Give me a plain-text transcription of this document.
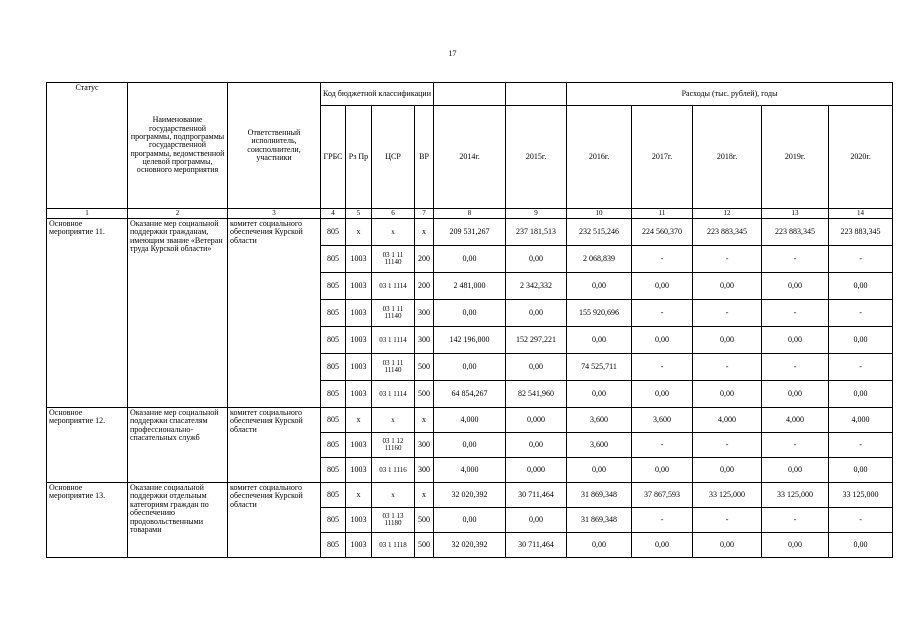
17
Статус	Наименование государственной программы, подпрограммы государственной программы, ведомственной целевой программы, основного мероприятия	Ответственный исполнитель, соисполнители, участники	Код бюджетной классификации						Расходы (тыс. рублей), годы				
			ГРБС	Рз Пр	ЦСР	ВР	2014г.	2015г.	2016г.	2017г.	2018г.	2019г.	2020г.
1	2	3	4	5	6	7	8	9	10	11	12	13	14
Основное мероприятие 11.	Оказание мер социальной поддержки гражданам, имеющим звание «Ветеран труда Курской области»	комитет социального обеспечения Курской области	805	х	х	х	209 531,267	237 181,513	232 515,246	224 560,370	223 883,345	223 883,345	223 883,345
			805	1003	03 1 11 11140	200	0,00	0,00	2 068,839	-	-	-	-
			805	1003	03 1 1114	200	2 481,000	2 342,332	0,00	0,00	0,00	0,00	0,00
			805	1003	03 1 11 11140	300	0,00	0,00	155 920,696	-	-	-	-
			805	1003	03 1 1114	300	142 196,000	152 297,221	0,00	0,00	0,00	0,00	0,00
			805	1003	03 1 11 11140	500	0,00	0,00	74 525,711	-	-	-	-
			805	1003	03 1 1114	500	64 854,267	82 541,960	0,00	0,00	0,00	0,00	0,00
Основное мероприятие 12.	Оказание мер социальной поддержки спасателям профессионально-спасательных служб	комитет социального обеспечения Курской области	805	х	х	х	4,000	0,000	3,600	3,600	4,000	4,000	4,000
			805	1003	03 1 12 11160	300	0,00	0,00	3,600	-	-	-	-
			805	1003	03 1 1116	300	4,000	0,000	0,00	0,00	0,00	0,00	0,00
Основное мероприятие 13.	Оказание социальной поддержки отдельным категориям граждан по обеспечению продовольственными товарами	комитет социального обеспечения Курской области	805	х	х	х	32 020,392	30 711,464	31 869,348	37 867,593	33 125,000	33 125,000	33 125,000
			805	1003	03 1 13 11180	500	0,00	0,00	31 869,348	-	-	-	-
			805	1003	03 1 1118	500	32 020,392	30 711,464	0,00	0,00	0,00	0,00	0,00
